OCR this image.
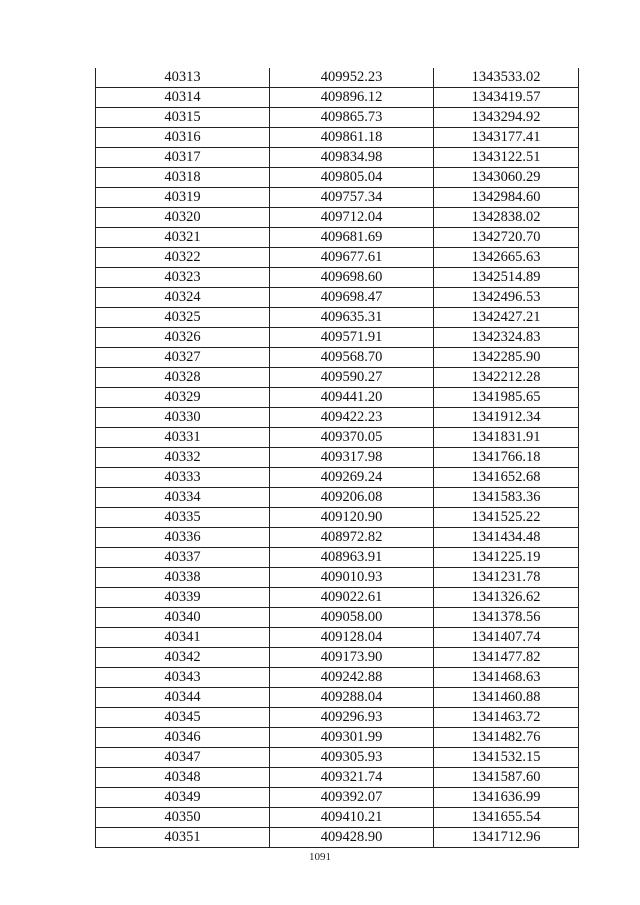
40313	409952.23	1343533.02
40314	409896.12	1343419.57
40315	409865.73	1343294.92
40316	409861.18	1343177.41
40317	409834.98	1343122.51
40318	409805.04	1343060.29
40319	409757.34	1342984.60
40320	409712.04	1342838.02
40321	409681.69	1342720.70
40322	409677.61	1342665.63
40323	409698.60	1342514.89
40324	409698.47	1342496.53
40325	409635.31	1342427.21
40326	409571.91	1342324.83
40327	409568.70	1342285.90
40328	409590.27	1342212.28
40329	409441.20	1341985.65
40330	409422.23	1341912.34
40331	409370.05	1341831.91
40332	409317.98	1341766.18
40333	409269.24	1341652.68
40334	409206.08	1341583.36
40335	409120.90	1341525.22
40336	408972.82	1341434.48
40337	408963.91	1341225.19
40338	409010.93	1341231.78
40339	409022.61	1341326.62
40340	409058.00	1341378.56
40341	409128.04	1341407.74
40342	409173.90	1341477.82
40343	409242.88	1341468.63
40344	409288.04	1341460.88
40345	409296.93	1341463.72
40346	409301.99	1341482.76
40347	409305.93	1341532.15
40348	409321.74	1341587.60
40349	409392.07	1341636.99
40350	409410.21	1341655.54
40351	409428.90	1341712.96
1091
